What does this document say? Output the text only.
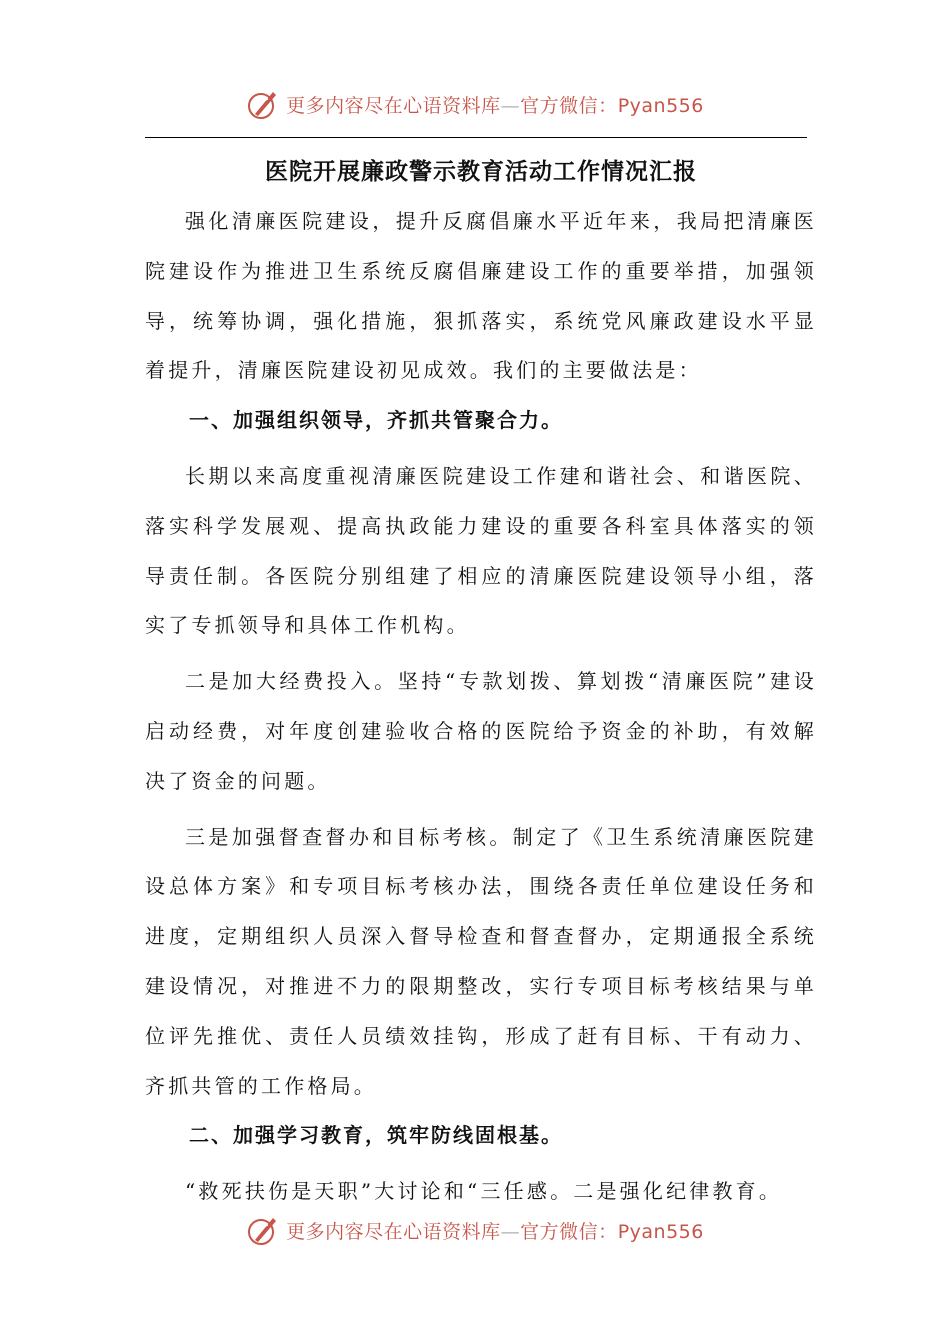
更多内容尽在心语资料库—官方微信：Pyan556
医院开展廉政警示教育活动工作情况汇报

强化清廉医院建设，提升反腐倡廉水平近年来，我局把清廉医院建设作为推进卫生系统反腐倡廉建设工作的重要举措，加强领导，统筹协调，强化措施，狠抓落实，系统党风廉政建设水平显着提升，清廉医院建设初见成效。我们的主要做法是：

一、加强组织领导，齐抓共管聚合力。

长期以来高度重视清廉医院建设工作建和谐社会、和谐医院、落实科学发展观、提高执政能力建设的重要各科室具体落实的领导责任制。各医院分别组建了相应的清廉医院建设领导小组，落实了专抓领导和具体工作机构。

二是加大经费投入。坚持“专款划拨、算划拨“清廉医院”建设启动经费，对年度创建验收合格的医院给予资金的补助，有效解决了资金的问题。

三是加强督查督办和目标考核。制定了《卫生系统清廉医院建设总体方案》和专项目标考核办法，围绕各责任单位建设任务和进度，定期组织人员深入督导检查和督查督办，定期通报全系统建设情况，对推进不力的限期整改，实行专项目标考核结果与单位评先推优、责任人员绩效挂钩，形成了赶有目标、干有动力、齐抓共管的工作格局。

二、加强学习教育，筑牢防线固根基。

“救死扶伤是天职”大讨论和“三任感。二是强化纪律教育。

更多内容尽在心语资料库—官方微信：Pyan556
